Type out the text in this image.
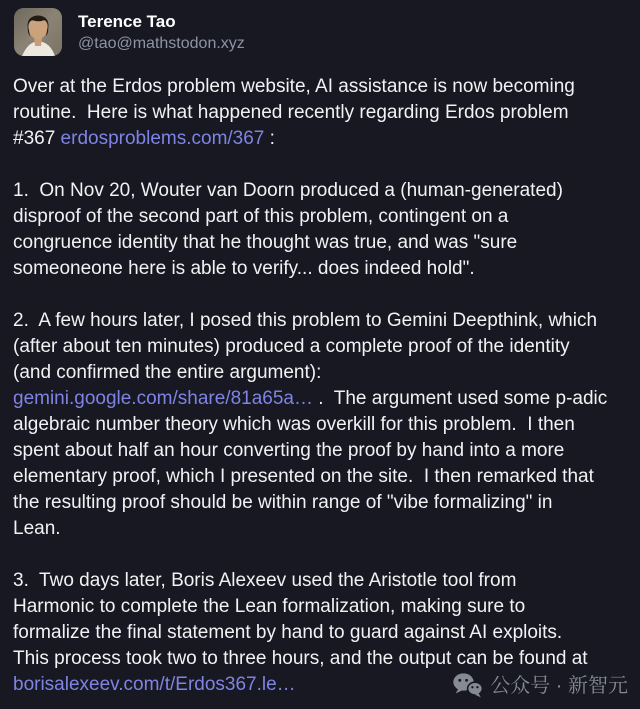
Terence Tao
@tao@mathstodon.xyz
Over at the Erdos problem website, AI assistance is now becoming
routine.  Here is what happened recently regarding Erdos problem
#367 erdosproblems.com/367 :
1.  On Nov 20, Wouter van Doorn produced a (human-generated)
disproof of the second part of this problem, contingent on a
congruence identity that he thought was true, and was "sure
someoneone here is able to verify... does indeed hold".
2.  A few hours later, I posed this problem to Gemini Deepthink, which
(after about ten minutes) produced a complete proof of the identity
(and confirmed the entire argument):
gemini.google.com/share/81a65a… .  The argument used some p-adic
algebraic number theory which was overkill for this problem.  I then
spent about half an hour converting the proof by hand into a more
elementary proof, which I presented on the site.  I then remarked that
the resulting proof should be within range of "vibe formalizing" in
Lean.
3.  Two days later, Boris Alexeev used the Aristotle tool from
Harmonic to complete the Lean formalization, making sure to
formalize the final statement by hand to guard against AI exploits.
This process took two to three hours, and the output can be found at
borisalexeev.com/t/Erdos367.le…	公众号 · 新智元
